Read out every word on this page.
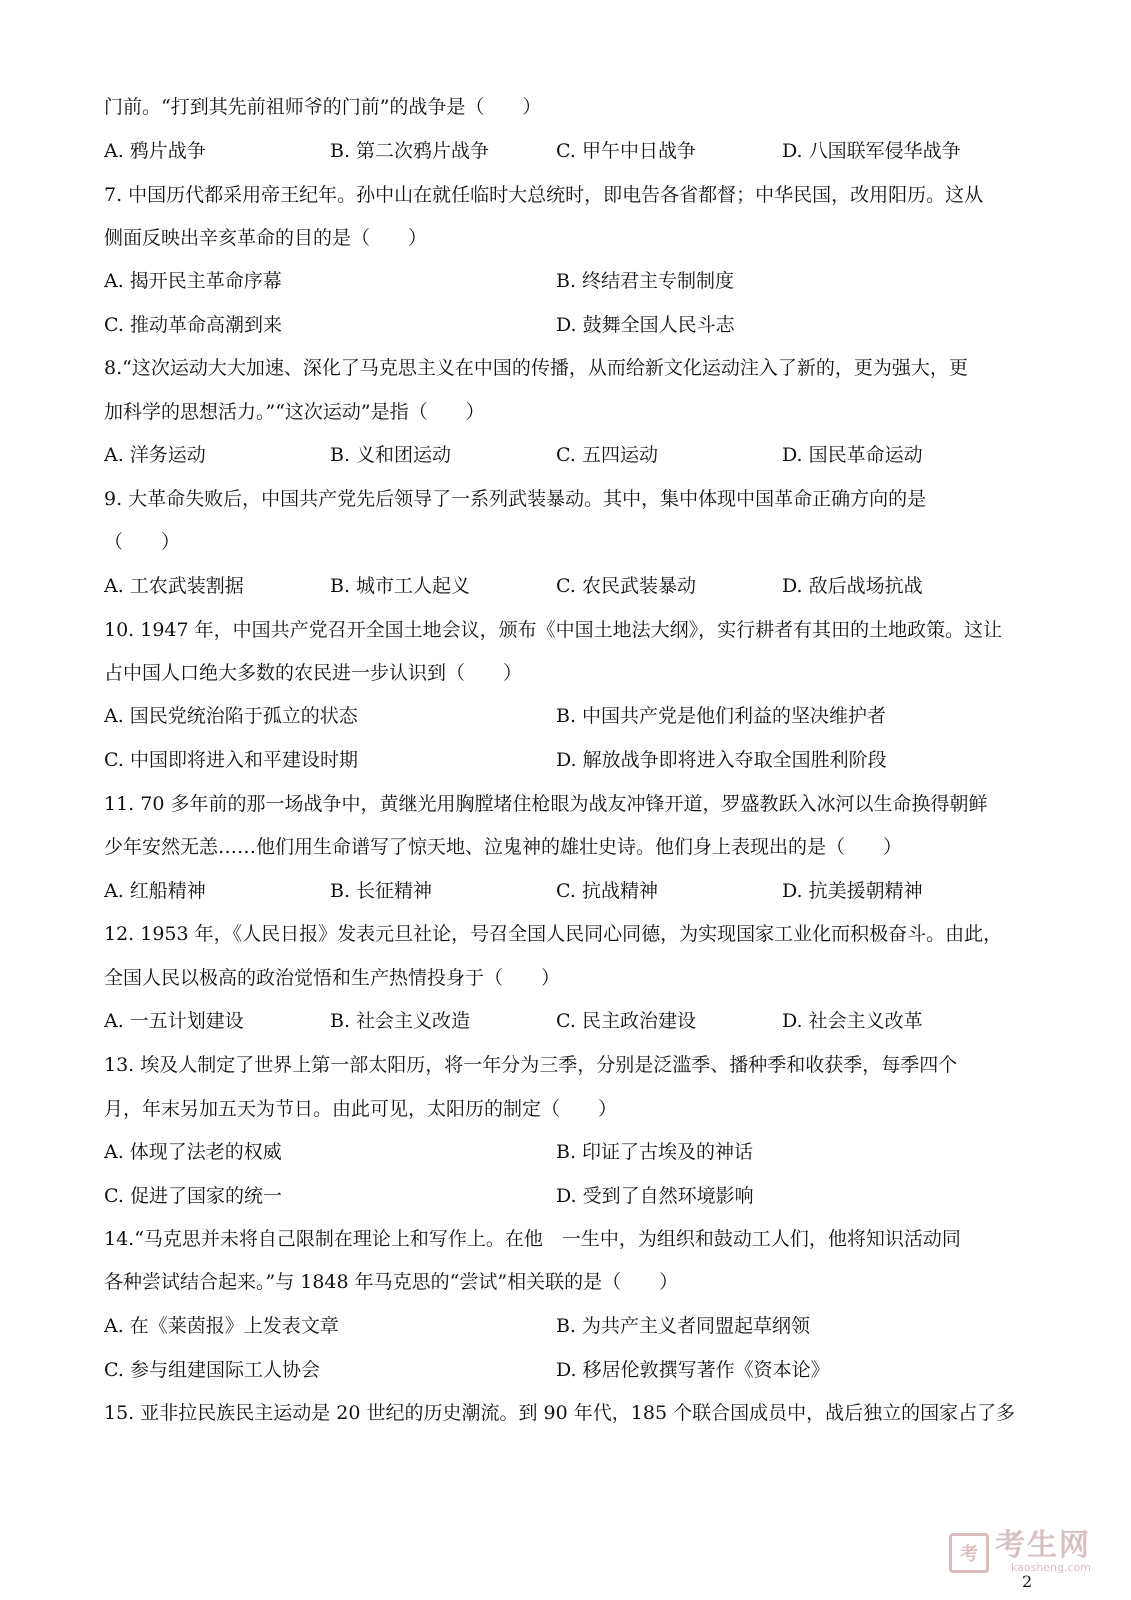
门前。“打到其先前祖师爷的门前”的战争是（　　）
A. 鸦片战争	B. 第二次鸦片战争	C. 甲午中日战争	D. 八国联军侵华战争
7. 中国历代都采用帝王纪年。孙中山在就任临时大总统时，即电告各省都督；中华民国，改用阳历。这从
侧面反映出辛亥革命的目的是（　　）
A. 揭开民主革命序幕	B. 终结君主专制制度
C. 推动革命高潮到来	D. 鼓舞全国人民斗志
8.“这次运动大大加速、深化了马克思主义在中国的传播，从而给新文化运动注入了新的，更为强大，更
加科学的思想活力。”“这次运动”是指（　　）
A. 洋务运动	B. 义和团运动	C. 五四运动	D. 国民革命运动
9. 大革命失败后，中国共产党先后领导了一系列武装暴动。其中，集中体现中国革命正确方向的是
（　　）
A. 工农武装割据	B. 城市工人起义	C. 农民武装暴动	D. 敌后战场抗战
10. 1947 年，中国共产党召开全国土地会议，颁布《中国土地法大纲》，实行耕者有其田的土地政策。这让
占中国人口绝大多数的农民进一步认识到（　　）
A. 国民党统治陷于孤立的状态	B. 中国共产党是他们利益的坚决维护者
C. 中国即将进入和平建设时期	D. 解放战争即将进入夺取全国胜利阶段
11. 70 多年前的那一场战争中，黄继光用胸膛堵住枪眼为战友冲锋开道，罗盛教跃入冰河以生命换得朝鲜
少年安然无恙……他们用生命谱写了惊天地、泣鬼神的雄壮史诗。他们身上表现出的是（　　）
A. 红船精神	B. 长征精神	C. 抗战精神	D. 抗美援朝精神
12. 1953 年，《人民日报》发表元旦社论，号召全国人民同心同德，为实现国家工业化而积极奋斗。由此，
全国人民以极高的政治觉悟和生产热情投身于（　　）
A. 一五计划建设	B. 社会主义改造	C. 民主政治建设	D. 社会主义改革
13. 埃及人制定了世界上第一部太阳历，将一年分为三季，分别是泛滥季、播种季和收获季，每季四个
月，年末另加五天为节日。由此可见，太阳历的制定（　　）
A. 体现了法老的权威	B. 印证了古埃及的神话
C. 促进了国家的统一	D. 受到了自然环境影响
14.“马克思并未将自己限制在理论上和写作上。在他　一生中，为组织和鼓动工人们，他将知识活动同
各种尝试结合起来。”与 1848 年马克思的“尝试”相关联的是（　　）
A. 在《莱茵报》上发表文章	B. 为共产主义者同盟起草纲领
C. 参与组建国际工人协会	D. 移居伦敦撰写著作《资本论》
15. 亚非拉民族民主运动是 20 世纪的历史潮流。到 90 年代，185 个联合国成员中，战后独立的国家占了多
考 考生网
kaosheng.com
2
